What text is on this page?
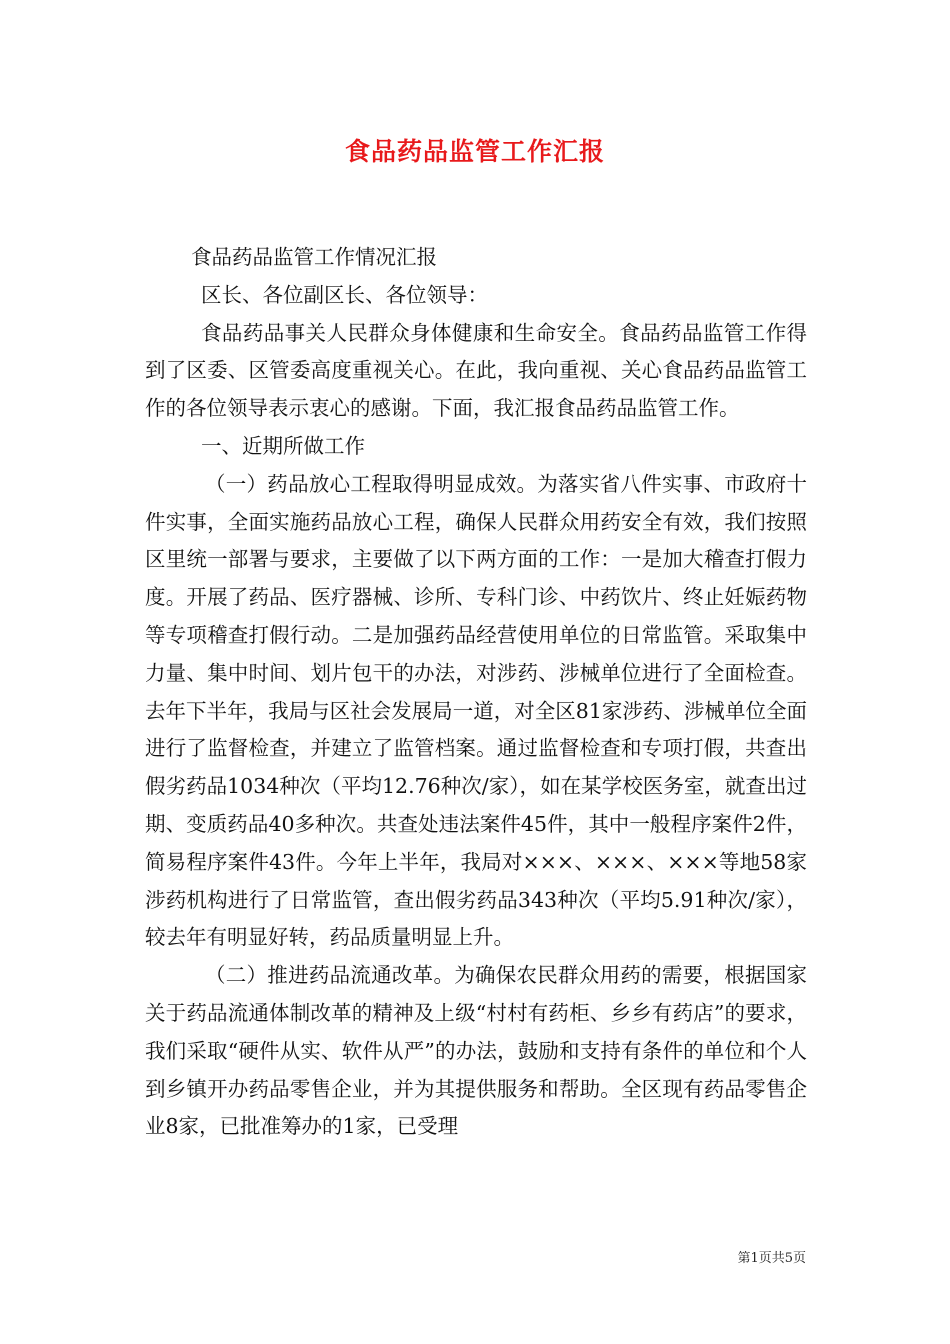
食品药品监管工作汇报

食品药品监管工作情况汇报

区长、各位副区长、各位领导：

食品药品事关人民群众身体健康和生命安全。食品药品监管工作得到了区委、区管委高度重视关心。在此，我向重视、关心食品药品监管工作的各位领导表示衷心的感谢。下面，我汇报食品药品监管工作。

一、近期所做工作

（一）药品放心工程取得明显成效。为落实省八件实事、市政府十件实事，全面实施药品放心工程，确保人民群众用药安全有效，我们按照区里统一部署与要求，主要做了以下两方面的工作：一是加大稽查打假力度。开展了药品、医疗器械、诊所、专科门诊、中药饮片、终止妊娠药物等专项稽查打假行动。二是加强药品经营使用单位的日常监管。采取集中力量、集中时间、划片包干的办法，对涉药、涉械单位进行了全面检查。去年下半年，我局与区社会发展局一道，对全区81家涉药、涉械单位全面进行了监督检查，并建立了监管档案。通过监督检查和专项打假，共查出假劣药品1034种次（平均12.76种次/家），如在某学校医务室，就查出过期、变质药品40多种次。共查处违法案件45件，其中一般程序案件2件，简易程序案件43件。今年上半年，我局对×××、×××、×××等地58家涉药机构进行了日常监管，查出假劣药品343种次（平均5.91种次/家），较去年有明显好转，药品质量明显上升。

（二）推进药品流通改革。为确保农民群众用药的需要，根据国家关于药品流通体制改革的精神及上级“村村有药柜、乡乡有药店”的要求，我们采取“硬件从实、软件从严”的办法，鼓励和支持有条件的单位和个人到乡镇开办药品零售企业，并为其提供服务和帮助。全区现有药品零售企业8家，已批准筹办的1家，已受理

第1页共5页
